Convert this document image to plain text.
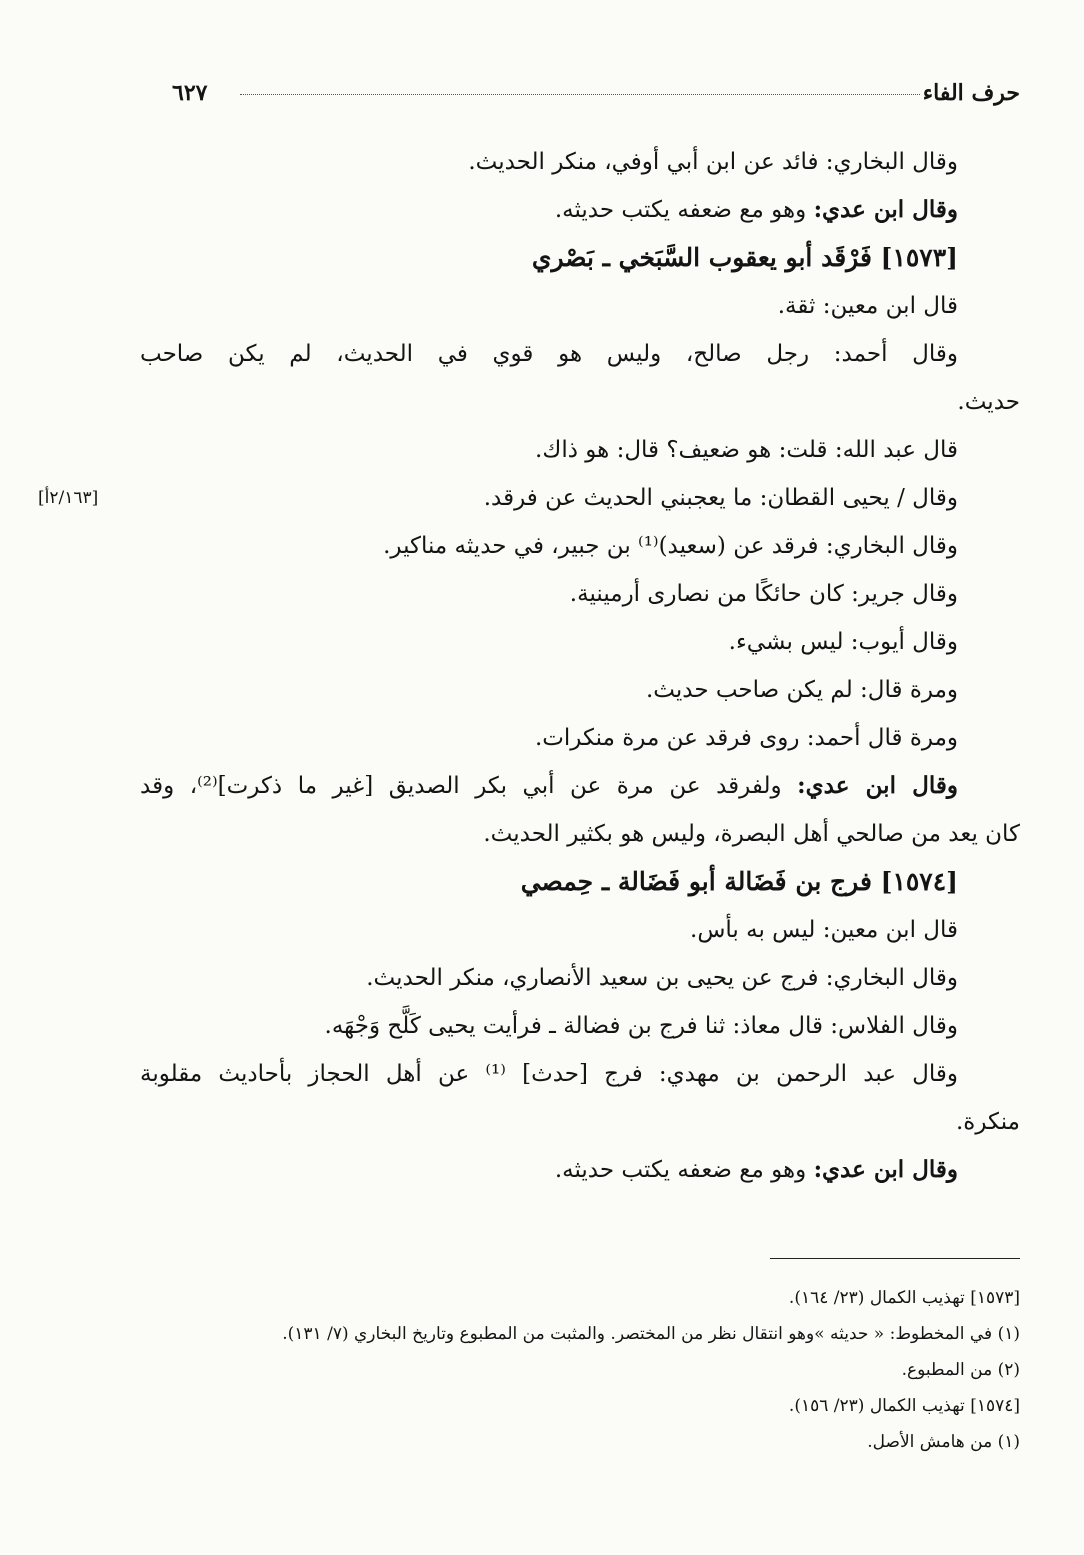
٦٢٧	حرف الفاء
[٢/١٦٣أ]
وقال البخاري: فائد عن ابن أبي أوفي، منكر الحديث.
وقال ابن عدي: وهو مع ضعفه يكتب حديثه.
[١٥٧٣] فَرْقَد أبو يعقوب السَّبَخي ـ بَصْري
قال ابن معين: ثقة.
وقال أحمد: رجل صالح، وليس هو قوي في الحديث، لم يكن صاحب
حديث.
قال عبد الله: قلت: هو ضعيف؟ قال: هو ذاك.
وقال / يحيى القطان: ما يعجبني الحديث عن فرقد.
وقال البخاري: فرقد عن (سعيد)⁽¹⁾ بن جبير، في حديثه مناكير.
وقال جرير: كان حائكًا من نصارى أرمينية.
وقال أيوب: ليس بشيء.
ومرة قال: لم يكن صاحب حديث.
ومرة قال أحمد: روى فرقد عن مرة منكرات.
وقال ابن عدي: ولفرقد عن مرة عن أبي بكر الصديق [غير ما ذكرت]⁽²⁾، وقد
كان يعد من صالحي أهل البصرة، وليس هو بكثير الحديث.
[١٥٧٤] فرج بن فَضَالة أبو فَضَالة ـ حِمصي
قال ابن معين: ليس به بأس.
وقال البخاري: فرج عن يحيى بن سعيد الأنصاري، منكر الحديث.
وقال الفلاس: قال معاذ: ثنا فرج بن فضالة ـ فرأيت يحيى كَلَّح وَجْهَه.
وقال عبد الرحمن بن مهدي: فرج [حدث] ⁽¹⁾ عن أهل الحجاز بأحاديث مقلوبة
منكرة.
وقال ابن عدي: وهو مع ضعفه يكتب حديثه.
[١٥٧٣] تهذيب الكمال (٢٣/ ١٦٤).
(١) في المخطوط: « حديثه »وهو انتقال نظر من المختصر. والمثبت من المطبوع وتاريخ البخاري (٧/ ١٣١).
(٢) من المطبوع.
[١٥٧٤] تهذيب الكمال (٢٣/ ١٥٦).
(١) من هامش الأصل.
